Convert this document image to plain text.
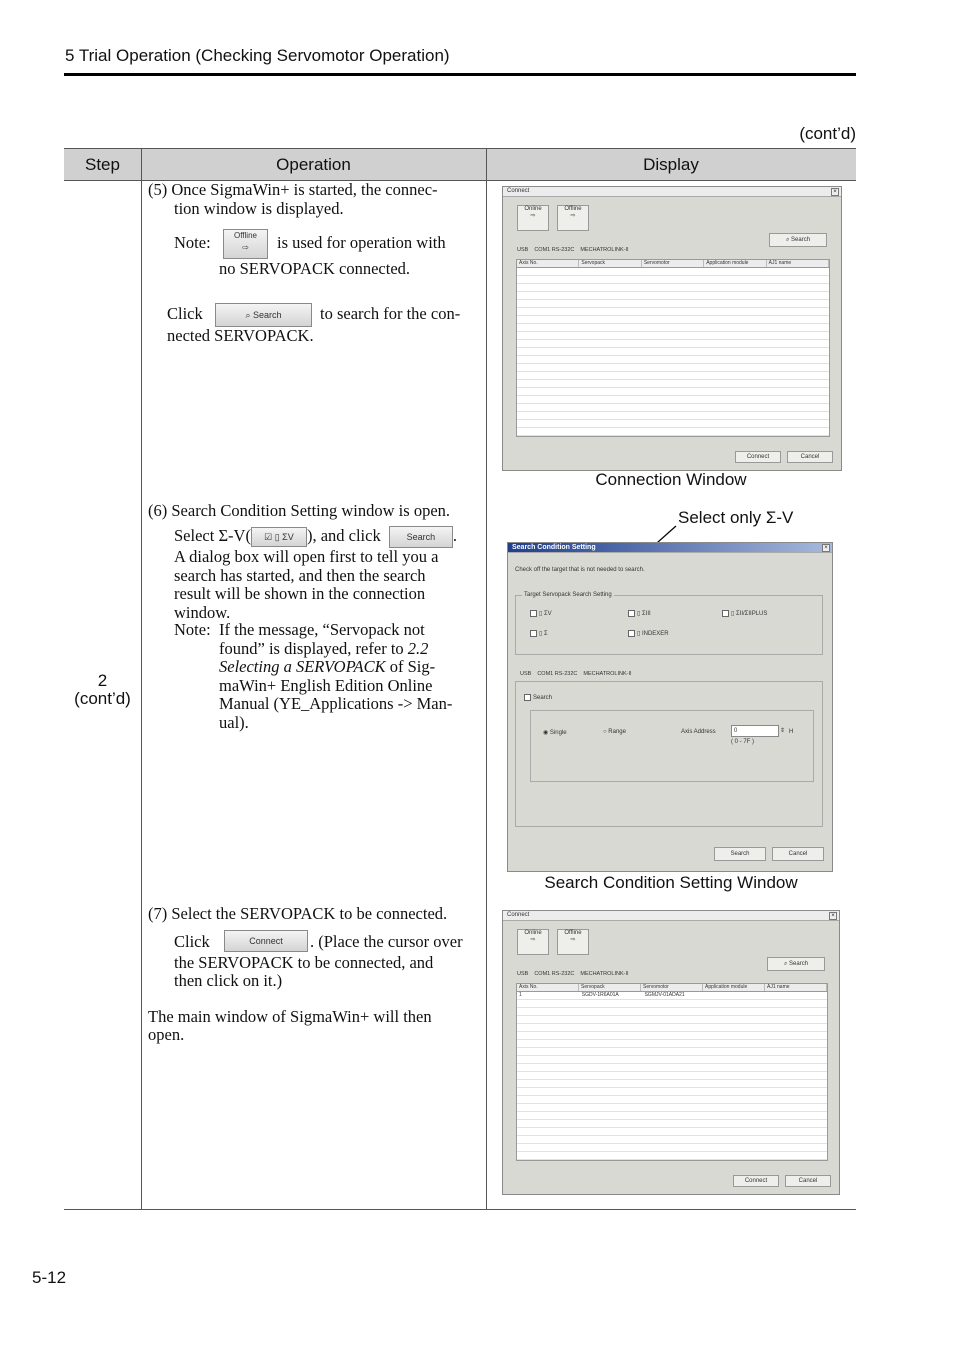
5 Trial Operation (Checking Servomotor Operation)
(cont’d)
Step	Operation	Display
2
(cont’d)
(5) Once SigmaWin+ is started, the connec-
tion window is displayed.
Note:	Offline
⇨	is used for operation with
no SERVOPACK connected.
Click	⌕ Search	to search for the con-
nected SERVOPACK.
(6) Search Condition Setting window is open.
Select Σ-V( ☑ ▯ ΣV ), and click	Search .
A dialog box will open first to tell you a
search has started, and then the search
result will be shown in the connection
window.
Note: If the message, “Servopack not
found” is displayed, refer to 2.2
Selecting a SERVOPACK of Sig-
maWin+ English Edition Online
Manual (YE_Applications -> Man-
ual).
(7) Select the SERVOPACK to be connected.
Click	Connect	. (Place the cursor over
the SERVOPACK to be connected, and
then click on it.)
The main window of SigmaWin+ will then
open.
Connect	×
Online
⇨
Offline
⇨
⌕ Search
USB COM1 RS-232C MECHATROLINK-II
Axis No.	Servopack	Servomotor	Application module	AJ1 name
Connect	Cancel
Connection Window
Select only Σ-V
Search Condition Setting	×
Check off the target that is not needed to search.
Target Servopack Search Setting
▯ ΣV	▯ ΣIII	▯ ΣII/ΣIIPLUS
▯ Σ	▯ INDEXER
USB COM1 RS-232C MECHATROLINK-II
Search
◉ Single	○ Range	Axis Address	0	⇕ H
( 0 - 7F )
Search	Cancel
Search Condition Setting Window
Connect	×
Online
⇨
Offline
⇨
⌕ Search
USB COM1 RS-232C MECHATROLINK-II
Axis No.	Servopack	Servomotor	Application module	AJ1 name
1	SGDV-1R6A01A	SGMJV-01ADA21
Connect	Cancel
5-12
